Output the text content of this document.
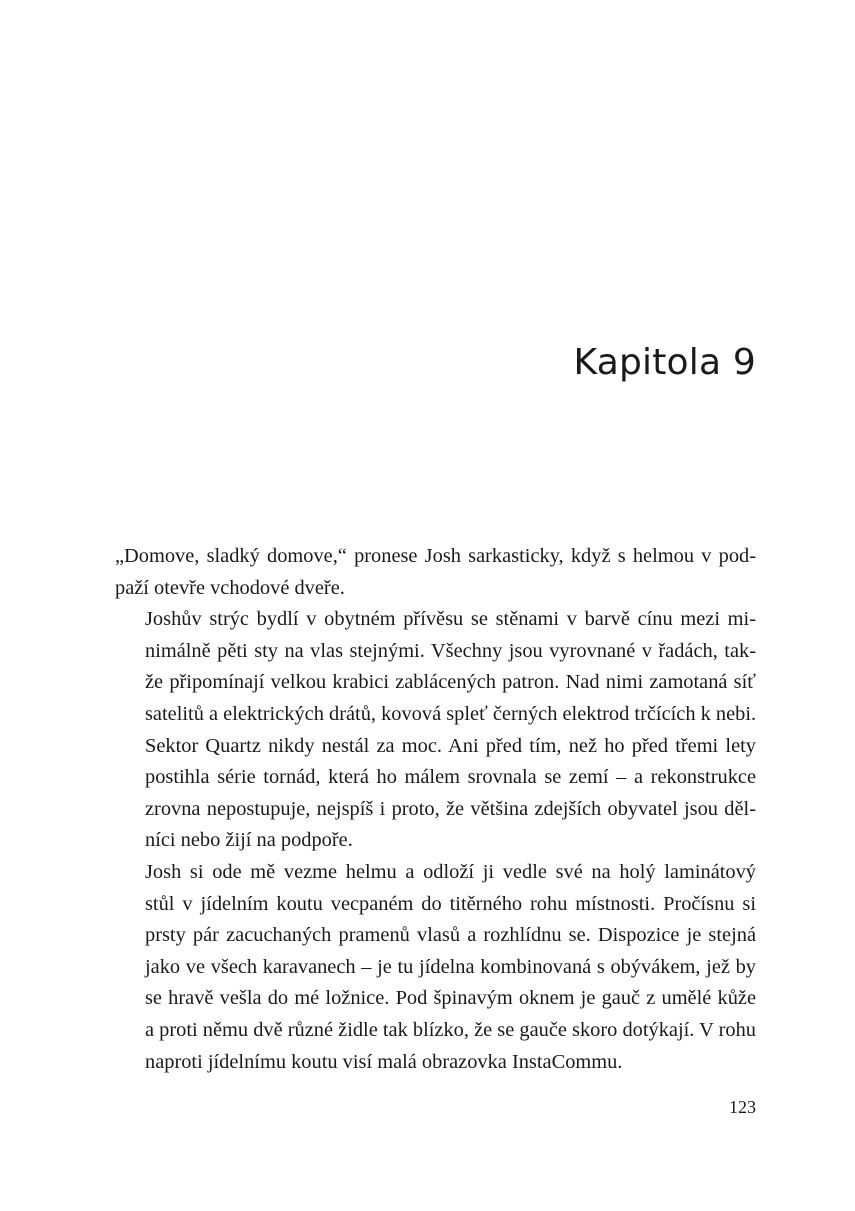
Kapitola 9

„Domove, sladký domove,“ pronese Josh sarkasticky, když s helmou v pod-
paží otevře vchodové dveře.

Joshův strýc bydlí v obytném přívěsu se stěnami v barvě cínu mezi mi-
nimálně pěti sty na vlas stejnými. Všechny jsou vyrovnané v řadách, tak-
že připomínají velkou krabici zablácených patron. Nad nimi zamotaná síť
satelitů a elektrických drátů, kovová spleť černých elektrod trčících k nebi.
Sektor Quartz nikdy nestál za moc. Ani před tím, než ho před třemi lety
postihla série tornád, která ho málem srovnala se zemí – a rekonstrukce
zrovna nepostupuje, nejspíš i proto, že většina zdejších obyvatel jsou děl-
níci nebo žijí na podpoře.

Josh si ode mě vezme helmu a odloží ji vedle své na holý laminátový
stůl v jídelním koutu vecpaném do titěrného rohu místnosti. Pročísnu si
prsty pár zacuchaných pramenů vlasů a rozhlídnu se. Dispozice je stejná
jako ve všech karavanech – je tu jídelna kombinovaná s obývákem, jež by
se hravě vešla do mé ložnice. Pod špinavým oknem je gauč z umělé kůže
a proti němu dvě různé židle tak blízko, že se gauče skoro dotýkají. V rohu
naproti jídelnímu koutu visí malá obrazovka InstaCommu.

123
